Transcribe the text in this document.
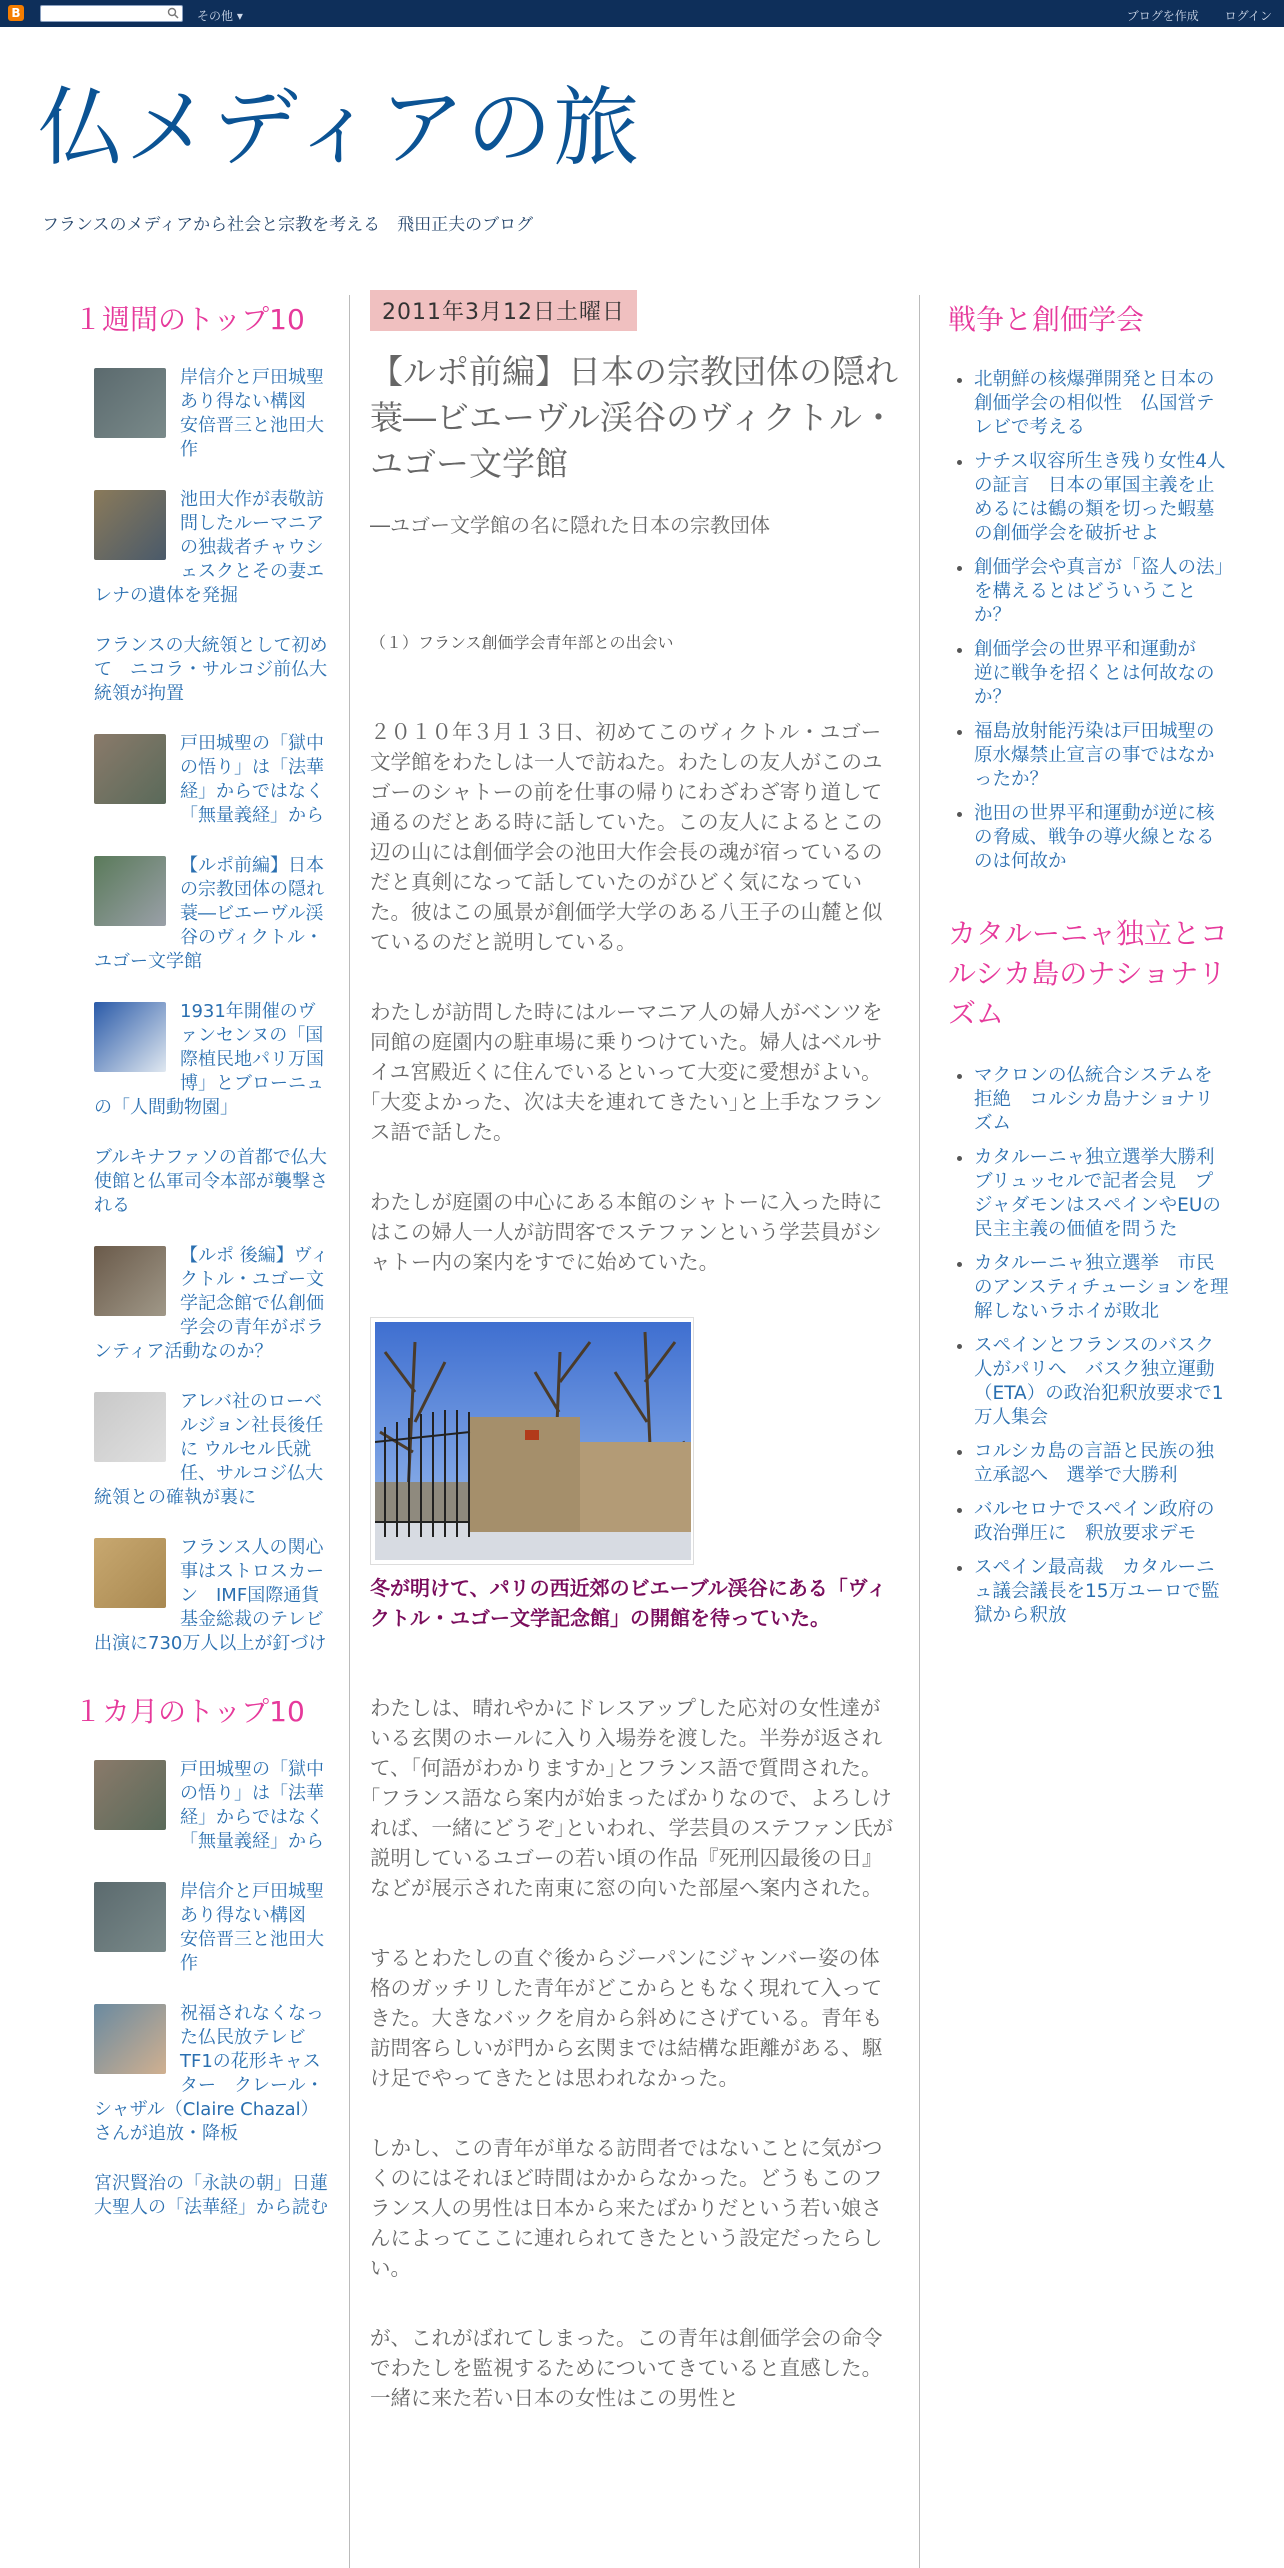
B	その他 ▾	ブログを作成 ログイン
仏メディアの旅
フランスのメディアから社会と宗教を考える　飛田正夫のブログ
１週間のトップ10
岸信介と戸田城聖　あり得ない構図　安倍晋三と池田大作
池田大作が表敬訪問したルーマニアの独裁者チャウシェスクとその妻エレナの遺体を発掘
フランスの大統領として初めて　ニコラ・サルコジ前仏大統領が拘置
戸田城聖の「獄中の悟り」は「法華経」からではなく「無量義経」から
【ルポ前編】日本の宗教団体の隠れ蓑―ビエーヴル渓谷のヴィクトル・ユゴー文学館
1931年開催のヴァンセンヌの「国際植民地パリ万国博」とブローニュの「人間動物園」
ブルキナファソの首都で仏大使館と仏軍司令本部が襲撃される
【ルポ 後編】ヴィクトル・ユゴー文学記念館で仏創価学会の青年がボランティア活動なのか？
アレバ社のローベルジョン社長後任に ウルセル氏就任、サルコジ仏大統領との確執が裏に
フランス人の関心事はストロスカーン　IMF国際通貨基金総裁のテレビ出演に730万人以上が釘づけ
１カ月のトップ10
戸田城聖の「獄中の悟り」は「法華経」からではなく「無量義経」から
岸信介と戸田城聖　あり得ない構図　安倍晋三と池田大作
祝福されなくなった仏民放テレビTF1の花形キャスター　クレール・シャザル（Claire Chazal）さんが追放・降板
宮沢賢治の「永訣の朝」日蓮大聖人の「法華経」から読む
2011年3月12日土曜日
【ルポ前編】日本の宗教団体の隠れ蓑―ビエーヴル渓谷のヴィクトル・ユゴー文学館
―ユゴー文学館の名に隠れた日本の宗教団体
（１）フランス創価学会青年部との出会い

２０１０年３月１３日、初めてこのヴィクトル・ユゴー文学館をわたしは一人で訪ねた。わたしの友人がこのユゴーのシャトーの前を仕事の帰りにわざわざ寄り道して通るのだとある時に話していた。この友人によるとこの辺の山には創価学会の池田大作会長の魂が宿っているのだと真剣になって話していたのがひどく気になっていた。彼はこの風景が創価学大学のある八王子の山麓と似ているのだと説明している。

わたしが訪問した時にはルーマニア人の婦人がベンツを同館の庭園内の駐車場に乗りつけていた。婦人はベルサイユ宮殿近くに住んでいるといって大変に愛想がよい。｢大変よかった、次は夫を連れてきたい｣と上手なフランス語で話した。

わたしが庭園の中心にある本館のシャトーに入った時にはこの婦人一人が訪問客でステファンという学芸員がシャトー内の案内をすでに始めていた。

冬が明けて、パリの西近郊のビエーブル渓谷にある「ヴィクトル・ユゴー文学記念館」の開館を待っていた。

わたしは、晴れやかにドレスアップした応対の女性達がいる玄関のホールに入り入場券を渡した。半券が返されて、｢何語がわかりますか｣とフランス語で質問された。｢フランス語なら案内が始まったばかりなので、よろしければ、一緒にどうぞ｣といわれ、学芸員のステファン氏が説明しているユゴーの若い頃の作品『死刑囚最後の日』などが展示された南東に窓の向いた部屋へ案内された。

するとわたしの直ぐ後からジーパンにジャンバー姿の体格のガッチリした青年がどこからともなく現れて入ってきた。大きなバックを肩から斜めにさげている。青年も訪問客らしいが門から玄関までは結構な距離がある、駆け足でやってきたとは思われなかった。

しかし、この青年が単なる訪問者ではないことに気がつくのにはそれほど時間はかからなかった。どうもこのフランス人の男性は日本から来たばかりだという若い娘さんによってここに連れられてきたという設定だったらしい。

が、これがばれてしまった。この青年は創価学会の命令でわたしを監視するためについてきていると直感した。一緒に来た若い日本の女性はこの男性と

戦争と創価学会
• 北朝鮮の核爆弾開発と日本の創価学会の相似性　仏国営テレビで考える
• ナチス収容所生き残り女性4人の証言　日本の軍国主義を止めるには鶴の類を切った蝦墓の創価学会を破折せよ
• 創価学会や真言が「盗人の法」を構えるとはどういうことか？
• 創価学会の世界平和運動が　逆に戦争を招くとは何故なのか？
• 福島放射能汚染は戸田城聖の原水爆禁止宣言の事ではなかったか？
• 池田の世界平和運動が逆に核の脅威、戦争の導火線となるのは何故か
カタルーニャ独立とコルシカ島のナショナリズム
• マクロンの仏統合システムを拒絶　コルシカ島ナショナリズム
• カタルーニャ独立選挙大勝利　ブリュッセルで記者会見　プジャダモンはスペインやEUの民主主義の価値を問うた
• カタルーニャ独立選挙　市民のアンスティチューションを理解しないラホイが敗北
• スペインとフランスのバスク人がパリへ　バスク独立運動（ETA）の政治犯釈放要求で1万人集会
• コルシカ島の言語と民族の独立承認へ　選挙で大勝利
• バルセロナでスペイン政府の政治弾圧に　釈放要求デモ
• スペイン最高裁　カタルーニュ議会議長を15万ユーロで監獄から釈放
